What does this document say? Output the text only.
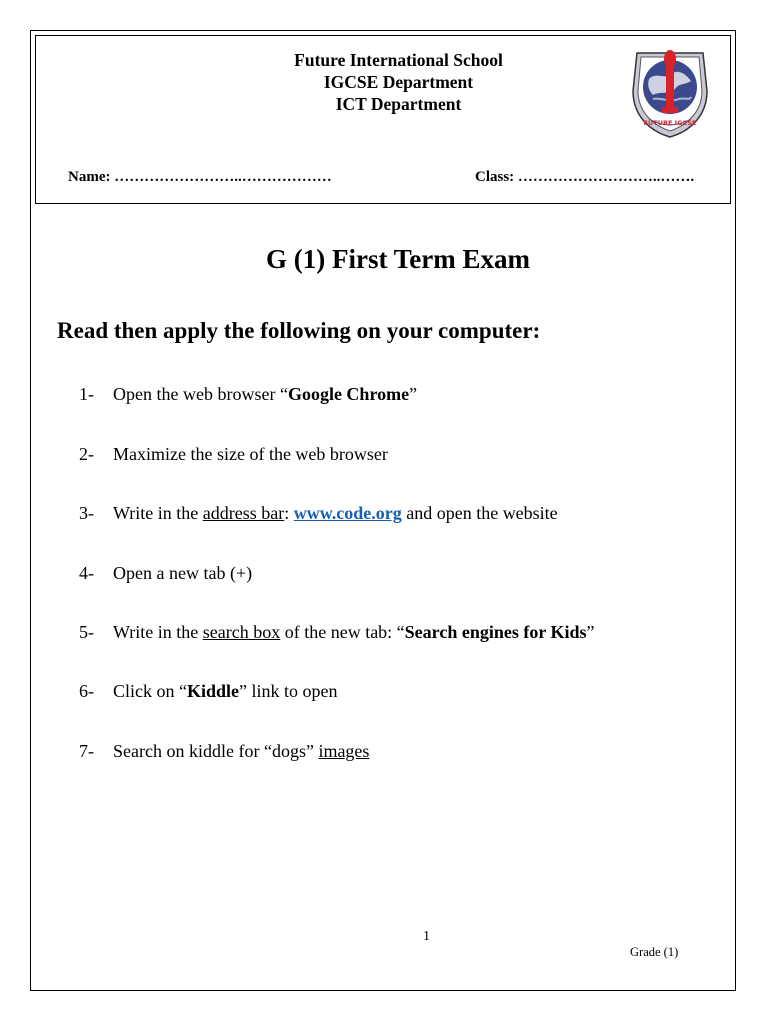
Future International School
IGCSE Department
ICT Department
FUTURE IGCSE
Name: ……………………..………………	Class: ………………………..…….
G (1) First Term Exam
Read then apply the following on your computer:
1- Open the web browser “Google Chrome”
2- Maximize the size of the web browser
3- Write in the address bar: www.code.org and open the website
4- Open a new tab (+)
5- Write in the search box of the new tab: “Search engines for Kids”
6- Click on “Kiddle” link to open
7- Search on kiddle for “dogs” images
1
Grade (1)
